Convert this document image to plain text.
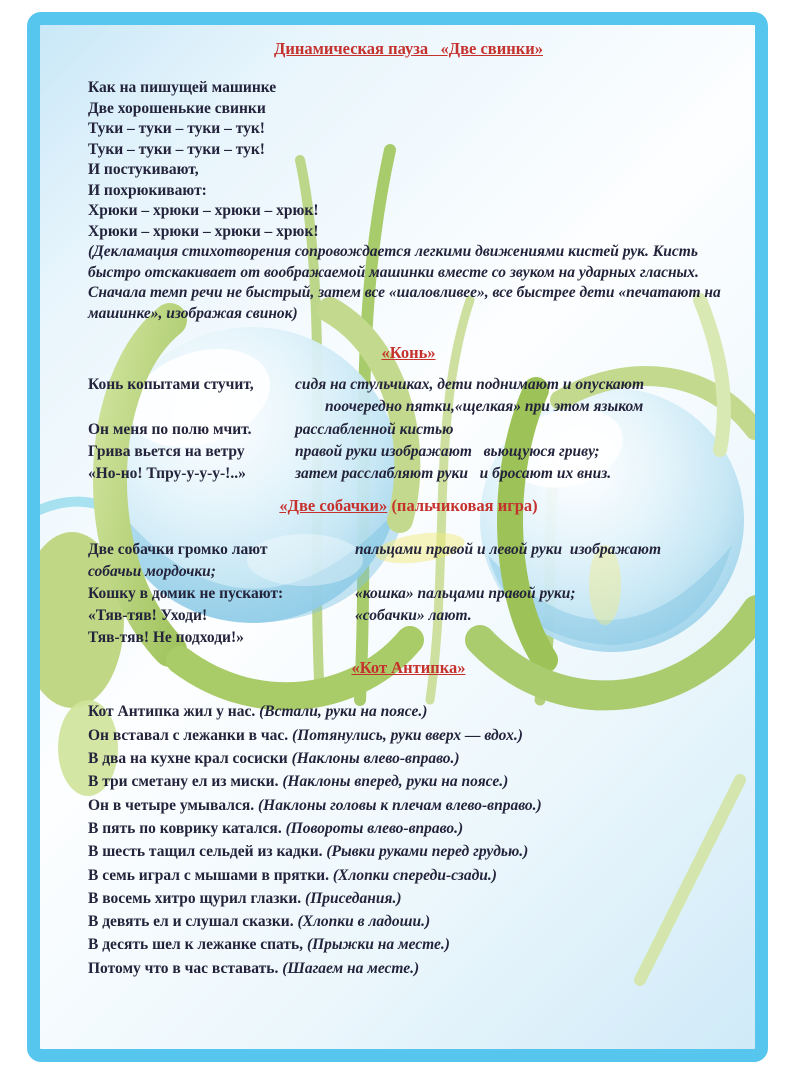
Динамическая пауза   «Две свинки»

Как на пишущей машинке

Две хорошенькие свинки

Туки – туки – туки – тук!

Туки – туки – туки – тук!

И постукивают,

И похрюкивают:

Хрюки – хрюки – хрюки – хрюк!

Хрюки – хрюки – хрюки – хрюк!

(Декламация стихотворения сопровождается легкими движениями кистей рук. Кисть быстро отскакивает от воображаемой машинки вместе со звуком на ударных гласных. Сначала темп речи не быстрый, затем все «шаловливее», все быстрее дети «печатают на машинке», изображая свинок)

«Конь»
Конь копытами стучит,	сидя на стульчиках, дети поднимают и опускают
поочередно пятки,«щелкая» при этом языком
Он меня по полю мчит.	расслабленной кистью
Грива вьется на ветру	правой руки изображают   вьющуюся гриву;
«Но-но! Тпру-у-у-у-!..»	затем расслабляют руки   и бросают их вниз.
«Две собачки» (пальчиковая игра)
Две собачки громко лают	пальцами правой и левой руки  изображают
собачьи мордочки;
Кошку в домик не пускают:	«кошка» пальцами правой руки;
«Тяв-тяв! Уходи!	«собачки» лают.
Тяв-тяв! Не подходи!»
«Кот Антипка»

Кот Антипка жил у нас. (Встали, руки на поясе.)

Он вставал с лежанки в час. (Потянулись, руки вверх — вдох.)

В два на кухне крал сосиски (Наклоны влево-вправо.)

В три сметану ел из миски. (Наклоны вперед, руки на поясе.)

Он в четыре умывался. (Наклоны головы к плечам влево-вправо.)

В пять по коврику катался. (Повороты влево-вправо.)

В шесть тащил сельдей из кадки. (Рывки руками перед грудью.)

В семь играл с мышами в прятки. (Хлопки спереди-сзади.)

В восемь хитро щурил глазки. (Приседания.)

В девять ел и слушал сказки. (Хлопки в ладоши.)

В десять шел к лежанке спать, (Прыжки на месте.)

Потому что в час вставать. (Шагаем на месте.)
